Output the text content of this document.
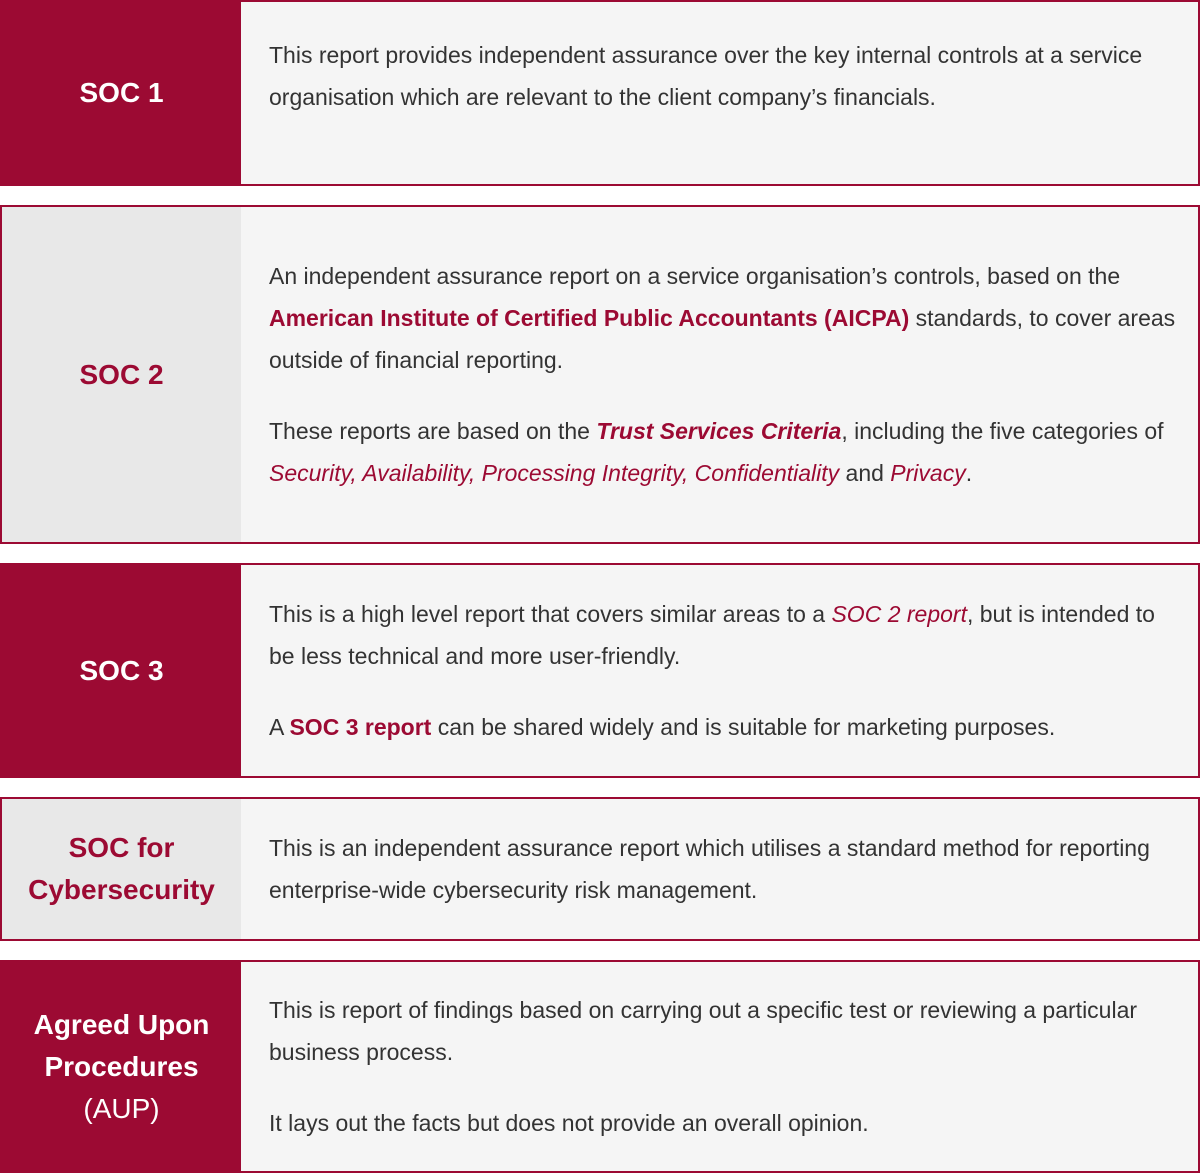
SOC 1

This report provides independent assurance over the key internal controls at a service organisation which are relevant to the client company’s financials.

SOC 2

An independent assurance report on a service organisation’s controls, based on the American Institute of Certified Public Accountants (AICPA) standards, to cover areas outside of financial reporting.

These reports are based on the Trust Services Criteria, including the five categories of Security, Availability, Processing Integrity, Confidentiality and Privacy.

SOC 3

This is a high level report that covers similar areas to a SOC 2 report, but is intended to be less technical and more user-friendly.

A SOC 3 report can be shared widely and is suitable for marketing purposes.

SOC for
Cybersecurity

This is an independent assurance report which utilises a standard method for reporting enterprise-wide cybersecurity risk management.

Agreed Upon
Procedures
(AUP)

This is report of findings based on carrying out a specific test or reviewing a particular business process.

It lays out the facts but does not provide an overall opinion.
